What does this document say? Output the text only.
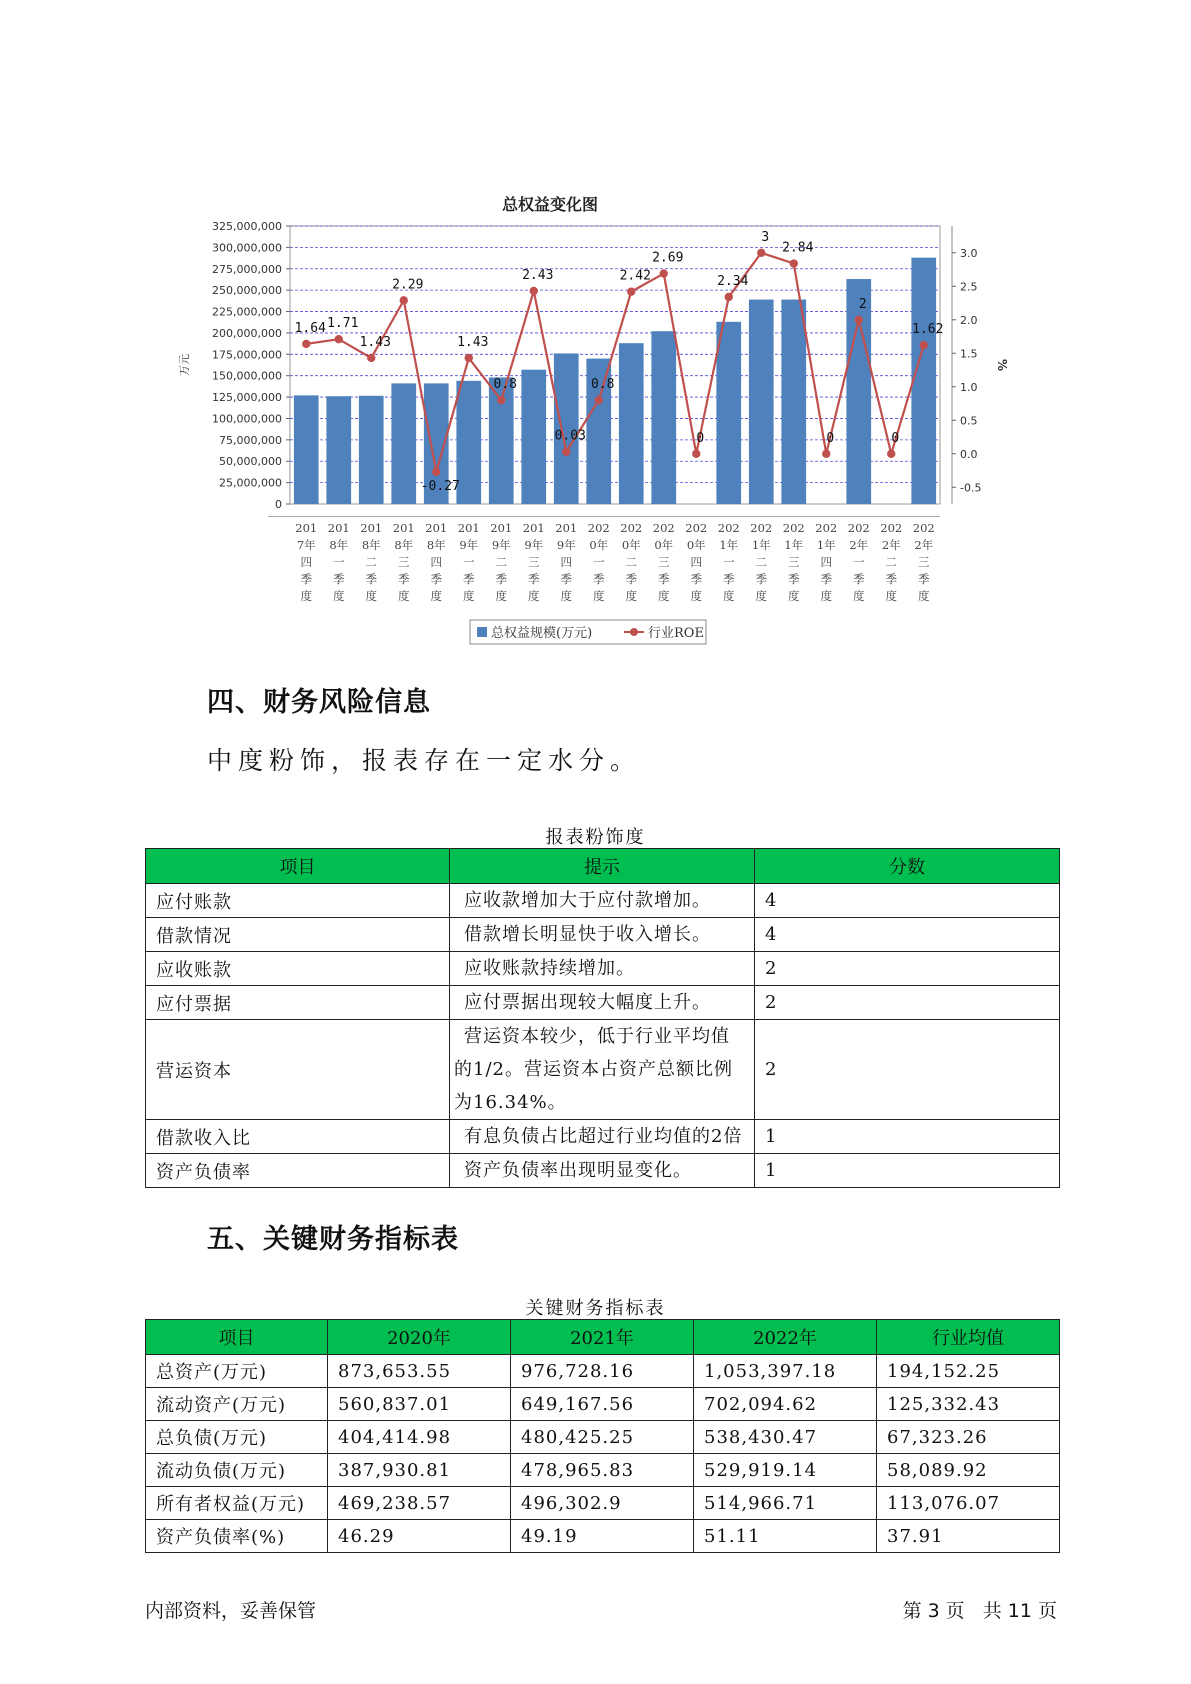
总权益变化图
0
25,000,000
50,000,000
75,000,000
100,000,000
125,000,000
150,000,000
175,000,000
200,000,000
225,000,000
250,000,000
275,000,000
300,000,000
325,000,000
万元
-0.5
0.0
0.5
1.0
1.5
2.0
2.5
3.0
%
1.64 1.71
1.43
2.29
-0.27
1.43
0.8
2.43
0.03
0.8
2.42
2.69
0
2.34
3
2.84
0
2
0
1.62
201
7年
四
季
度
201
8年
一
季
度
201
8年
二
季
度
201
8年
三
季
度
201
8年
四
季
度
201
9年
一
季
度
201
9年
二
季
度
201
9年
三
季
度
201
9年
四
季
度
202
0年
一
季
度
202
0年
二
季
度
202
0年
三
季
度
202
0年
四
季
度
202
1年
一
季
度
202
1年
二
季
度
202
1年
三
季
度
202
1年
四
季
度
202
2年
一
季
度
202
2年
二
季
度
202
2年
三
季
度
总权益规模(万元)	行业ROE
四、财务风险信息
中度粉饰，报表存在一定水分。
报表粉饰度
项目	提示	分数
应付账款	应收款增加大于应付款增加。	4
借款情况	借款增长明显快于收入增长。	4
应收账款	应收账款持续增加。	2
应付票据	应付票据出现较大幅度上升。	2
营运资本	营运资本较少，低于行业平均值
的1/2。营运资本占资产总额比例
为16.34%。	2
借款收入比	有息负债占比超过行业均值的2倍	1
资产负债率	资产负债率出现明显变化。	1
五、关键财务指标表
关键财务指标表
项目	2020年	2021年	2022年	行业均值
总资产(万元)	873,653.55	976,728.16	1,053,397.18	194,152.25
流动资产(万元)	560,837.01	649,167.56	702,094.62	125,332.43
总负债(万元)	404,414.98	480,425.25	538,430.47	67,323.26
流动负债(万元)	387,930.81	478,965.83	529,919.14	58,089.92
所有者权益(万元)	469,238.57	496,302.9	514,966.71	113,076.07
资产负债率(%)	46.29	49.19	51.11	37.91
内部资料，妥善保管	第 3 页 共 11 页
